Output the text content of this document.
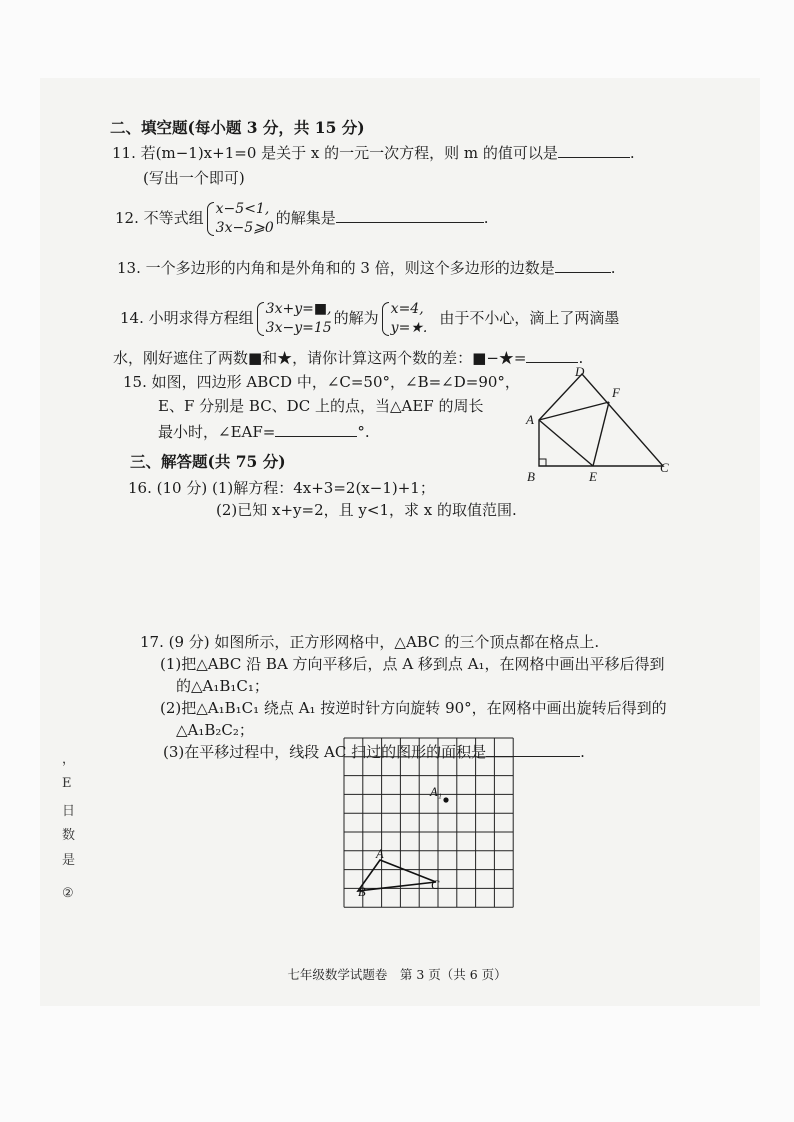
二、填空题(每小题 3 分，共 15 分)
11. 若(m−1)x+1=0 是关于 x 的一元一次方程，则 m 的值可以是	.
(写出一个即可)
12. 不等式组 x−5<1,
3x−5⩾0
的解集是	.
13. 一个多边形的内角和是外角和的 3 倍，则这个多边形的边数是	.
14. 小明求得方程组 3x+y=■,
3x−y=15
的解为 x=4,
y=★.
由于不小心，滴上了两滴墨
水，刚好遮住了两数■和★，请你计算这两个数的差：■−★=	.
15. 如图，四边形 ABCD 中，∠C=50°，∠B=∠D=90°，
E、F 分别是 BC、DC 上的点，当△AEF 的周长
最小时，∠EAF=	°.
A
B
C
D
E
F
三、解答题(共 75 分)
16. (10 分) (1)解方程：4x+3=2(x−1)+1；
(2)已知 x+y=2，且 y<1，求 x 的取值范围.
17. (9 分) 如图所示，正方形网格中，△ABC 的三个顶点都在格点上.
(1)把△ABC 沿 BA 方向平移后，点 A 移到点 A₁，在网格中画出平移后得到
的△A₁B₁C₁；
(2)把△A₁B₁C₁ 绕点 A₁ 按逆时针方向旋转 90°，在网格中画出旋转后得到的
△A₁B₂C₂；
(3)在平移过程中，线段 AC 扫过的图形的面积是	.
A₁
A
B	C
，
E
日
数
是
②
七年级数学试题卷　第 3 页（共 6 页）
